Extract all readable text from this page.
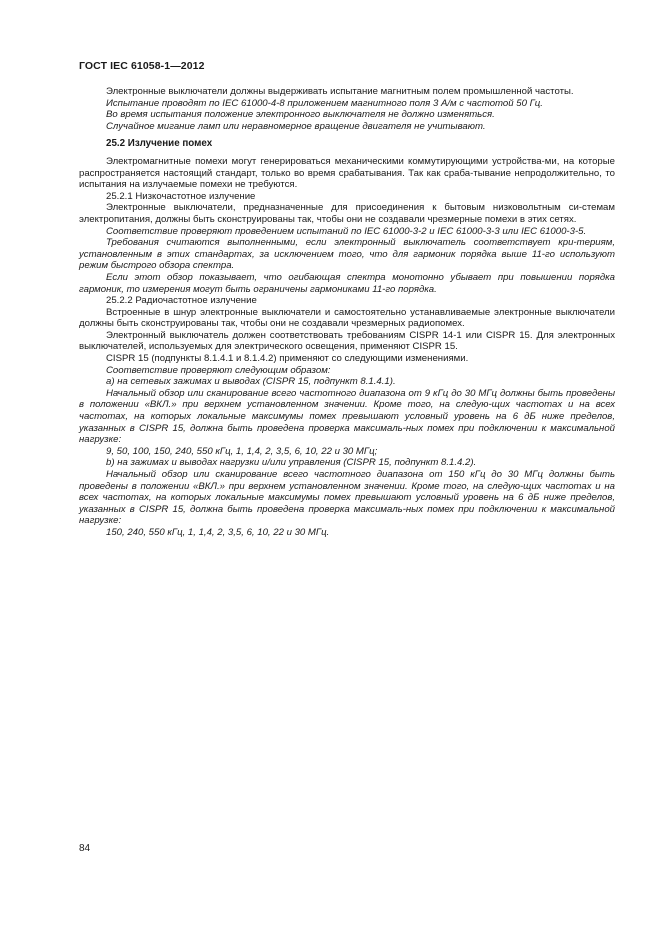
ГОСТ IEC 61058-1—2012

Электронные выключатели должны выдерживать испытание магнитным полем промышленной частоты.

Испытание проводят по IEC 61000-4-8 приложением магнитного поля 3 А/м с частотой 50 Гц.

Во время испытания положение электронного выключателя не должно изменяться.

Случайное мигание ламп или неравномерное вращение двигателя не учитывают.

25.2 Излучение помех

Электромагнитные помехи могут генерироваться механическими коммутирующими устройства-ми, на которые распространяется настоящий стандарт, только во время срабатывания. Так как сраба-тывание непродолжительно, то испытания на излучаемые помехи не требуются.

25.2.1 Низкочастотное излучение

Электронные выключатели, предназначенные для присоединения к бытовым низковольтным си-стемам электропитания, должны быть сконструированы так, чтобы они не создавали чрезмерные помехи в этих сетях.

Соответствие проверяют проведением испытаний по IEC 61000-3-2 и IEC 61000-3-3 или IEC 61000-3-5.

Требования считаются выполненными, если электронный выключатель соответствует кри-териям, установленным в этих стандартах, за исключением того, что для гармоник порядка выше 11-го используют режим быстрого обзора спектра.

Если этот обзор показывает, что огибающая спектра монотонно убывает при повышении порядка гармоник, то измерения могут быть ограничены гармониками 11-го порядка.

25.2.2 Радиочастотное излучение

Встроенные в шнур электронные выключатели и самостоятельно устанавливаемые электронные выключатели должны быть сконструированы так, чтобы они не создавали чрезмерных радиопомех.

Электронный выключатель должен соответствовать требованиям CISPR 14-1 или CISPR 15. Для электронных выключателей, используемых для электрического освещения, применяют CISPR 15.

CISPR 15 (подпункты 8.1.4.1 и 8.1.4.2) применяют со следующими изменениями.

Соответствие проверяют следующим образом:

а) на сетевых зажимах и выводах (CISPR 15, подпункт 8.1.4.1).

Начальный обзор или сканирование всего частотного диапазона от 9 кГц до 30 МГц должны быть проведены в положении «ВКЛ.» при верхнем установленном значении. Кроме того, на следую-щих частотах и на всех частотах, на которых локальные максимумы помех превышают условный уровень на 6 дБ ниже пределов, указанных в CISPR 15, должна быть проведена проверка максималь-ных помех при подключении к максимальной нагрузке:

9, 50, 100, 150, 240, 550 кГц, 1, 1,4, 2, 3,5, 6, 10, 22 и 30 МГц;

b) на зажимах и выводах нагрузки и/или управления (CISPR 15, подпункт 8.1.4.2).

Начальный обзор или сканирование всего частотного диапазона от 150 кГц до 30 МГц должны быть проведены в положении «ВКЛ.» при верхнем установленном значении. Кроме того, на следую-щих частотах и на всех частотах, на которых локальные максимумы помех превышают условный уровень на 6 дБ ниже пределов, указанных в CISPR 15, должна быть проведена проверка максималь-ных помех при подключении к максимальной нагрузке:

150, 240, 550 кГц, 1, 1,4, 2, 3,5, 6, 10, 22 и 30 МГц.

84
